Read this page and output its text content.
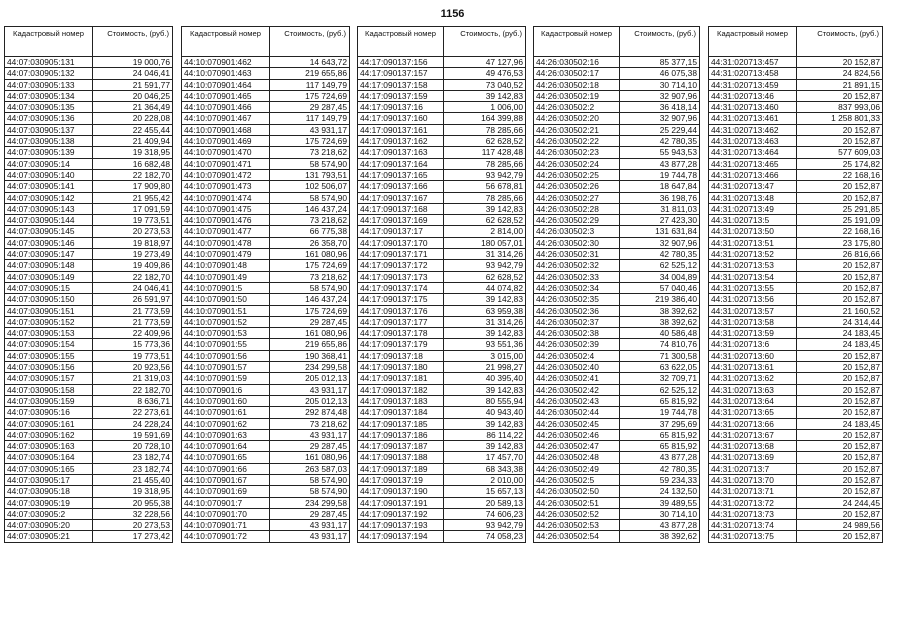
1156
Кадастровый номер	Стоимость, (руб.)
44:07:030905:131	19 000,76
44:07:030905:132	24 046,41
44:07:030905:133	21 591,77
44:07:030905:134	20 046,25
44:07:030905:135	21 364,49
44:07:030905:136	20 228,08
44:07:030905:137	22 455,44
44:07:030905:138	21 409,94
44:07:030905:139	19 318,95
44:07:030905:14	16 682,48
44:07:030905:140	22 182,70
44:07:030905:141	17 909,80
44:07:030905:142	21 955,42
44:07:030905:143	17 091,59
44:07:030905:144	19 773,51
44:07:030905:145	20 273,53
44:07:030905:146	19 818,97
44:07:030905:147	19 273,49
44:07:030905:148	19 409,86
44:07:030905:149	22 182,70
44:07:030905:15	24 046,41
44:07:030905:150	26 591,97
44:07:030905:151	21 773,59
44:07:030905:152	21 773,59
44:07:030905:153	22 409,96
44:07:030905:154	15 773,36
44:07:030905:155	19 773,51
44:07:030905:156	20 923,56
44:07:030905:157	21 319,03
44:07:030905:158	22 182,70
44:07:030905:159	8 636,71
44:07:030905:16	22 273,61
44:07:030905:161	24 228,24
44:07:030905:162	19 591,69
44:07:030905:163	20 728,10
44:07:030905:164	23 182,74
44:07:030905:165	23 182,74
44:07:030905:17	21 455,40
44:07:030905:18	19 318,95
44:07:030905:19	20 955,38
44:07:030905:2	32 228,56
44:07:030905:20	20 273,53
44:07:030905:21	17 273,42
Кадастровый номер	Стоимость, (руб.)
44:10:070901:462	14 643,72
44:10:070901:463	219 655,86
44:10:070901:464	117 149,79
44:10:070901:465	175 724,69
44:10:070901:466	29 287,45
44:10:070901:467	117 149,79
44:10:070901:468	43 931,17
44:10:070901:469	175 724,69
44:10:070901:470	73 218,62
44:10:070901:471	58 574,90
44:10:070901:472	131 793,51
44:10:070901:473	102 506,07
44:10:070901:474	58 574,90
44:10:070901:475	146 437,24
44:10:070901:476	73 218,62
44:10:070901:477	66 775,38
44:10:070901:478	26 358,70
44:10:070901:479	161 080,96
44:10:070901:48	175 724,69
44:10:070901:49	73 218,62
44:10:070901:5	58 574,90
44:10:070901:50	146 437,24
44:10:070901:51	175 724,69
44:10:070901:52	29 287,45
44:10:070901:53	161 080,96
44:10:070901:55	219 655,86
44:10:070901:56	190 368,41
44:10:070901:57	234 299,58
44:10:070901:59	205 012,13
44:10:070901:6	43 931,17
44:10:070901:60	205 012,13
44:10:070901:61	292 874,48
44:10:070901:62	73 218,62
44:10:070901:63	43 931,17
44:10:070901:64	29 287,45
44:10:070901:65	161 080,96
44:10:070901:66	263 587,03
44:10:070901:67	58 574,90
44:10:070901:69	58 574,90
44:10:070901:7	234 299,58
44:10:070901:70	29 287,45
44:10:070901:71	43 931,17
44:10:070901:72	43 931,17
Кадастровый номер	Стоимость, (руб.)
44:17:090137:156	47 127,96
44:17:090137:157	49 476,53
44:17:090137:158	73 040,52
44:17:090137:159	39 142,83
44:17:090137:16	1 006,00
44:17:090137:160	164 399,88
44:17:090137:161	78 285,66
44:17:090137:162	62 628,52
44:17:090137:163	117 428,48
44:17:090137:164	78 285,66
44:17:090137:165	93 942,79
44:17:090137:166	56 678,81
44:17:090137:167	78 285,66
44:17:090137:168	39 142,83
44:17:090137:169	62 628,52
44:17:090137:17	2 814,00
44:17:090137:170	180 057,01
44:17:090137:171	31 314,26
44:17:090137:172	93 942,79
44:17:090137:173	62 628,52
44:17:090137:174	44 074,82
44:17:090137:175	39 142,83
44:17:090137:176	63 959,38
44:17:090137:177	31 314,26
44:17:090137:178	39 142,83
44:17:090137:179	93 551,36
44:17:090137:18	3 015,00
44:17:090137:180	21 998,27
44:17:090137:181	40 395,40
44:17:090137:182	39 142,83
44:17:090137:183	80 555,94
44:17:090137:184	40 943,40
44:17:090137:185	39 142,83
44:17:090137:186	86 114,22
44:17:090137:187	39 142,83
44:17:090137:188	17 457,70
44:17:090137:189	68 343,38
44:17:090137:19	2 010,00
44:17:090137:190	15 657,13
44:17:090137:191	20 589,13
44:17:090137:192	74 606,23
44:17:090137:193	93 942,79
44:17:090137:194	74 058,23
Кадастровый номер	Стоимость, (руб.)
44:26:030502:16	85 377,15
44:26:030502:17	46 075,38
44:26:030502:18	30 714,10
44:26:030502:19	32 907,96
44:26:030502:2	36 418,14
44:26:030502:20	32 907,96
44:26:030502:21	25 229,44
44:26:030502:22	42 780,35
44:26:030502:23	55 943,53
44:26:030502:24	43 877,28
44:26:030502:25	19 744,78
44:26:030502:26	18 647,84
44:26:030502:27	36 198,76
44:26:030502:28	31 811,03
44:26:030502:29	27 423,30
44:26:030502:3	131 631,84
44:26:030502:30	32 907,96
44:26:030502:31	42 780,35
44:26:030502:32	62 525,12
44:26:030502:33	34 004,89
44:26:030502:34	57 040,46
44:26:030502:35	219 386,40
44:26:030502:36	38 392,62
44:26:030502:37	38 392,62
44:26:030502:38	40 586,48
44:26:030502:39	74 810,76
44:26:030502:4	71 300,58
44:26:030502:40	63 622,05
44:26:030502:41	32 709,71
44:26:030502:42	62 525,12
44:26:030502:43	65 815,92
44:26:030502:44	19 744,78
44:26:030502:45	37 295,69
44:26:030502:46	65 815,92
44:26:030502:47	65 815,92
44:26:030502:48	43 877,28
44:26:030502:49	42 780,35
44:26:030502:5	59 234,33
44:26:030502:50	24 132,50
44:26:030502:51	39 489,55
44:26:030502:52	30 714,10
44:26:030502:53	43 877,28
44:26:030502:54	38 392,62
Кадастровый номер	Стоимость, (руб.)
44:31:020713:457	20 152,87
44:31:020713:458	24 824,56
44:31:020713:459	21 891,15
44:31:020713:46	20 152,87
44:31:020713:460	837 993,06
44:31:020713:461	1 258 801,33
44:31:020713:462	20 152,87
44:31:020713:463	20 152,87
44:31:020713:464	577 609,03
44:31:020713:465	25 174,82
44:31:020713:466	22 168,16
44:31:020713:47	20 152,87
44:31:020713:48	20 152,87
44:31:020713:49	25 291,85
44:31:020713:5	25 191,09
44:31:020713:50	22 168,16
44:31:020713:51	23 175,80
44:31:020713:52	26 816,66
44:31:020713:53	20 152,87
44:31:020713:54	20 152,87
44:31:020713:55	20 152,87
44:31:020713:56	20 152,87
44:31:020713:57	21 160,52
44:31:020713:58	24 314,44
44:31:020713:59	24 183,45
44:31:020713:6	24 183,45
44:31:020713:60	20 152,87
44:31:020713:61	20 152,87
44:31:020713:62	20 152,87
44:31:020713:63	20 152,87
44:31:020713:64	20 152,87
44:31:020713:65	20 152,87
44:31:020713:66	24 183,45
44:31:020713:67	20 152,87
44:31:020713:68	20 152,87
44:31:020713:69	20 152,87
44:31:020713:7	20 152,87
44:31:020713:70	20 152,87
44:31:020713:71	20 152,87
44:31:020713:72	24 244,45
44:31:020713:73	20 152,87
44:31:020713:74	24 989,56
44:31:020713:75	20 152,87
